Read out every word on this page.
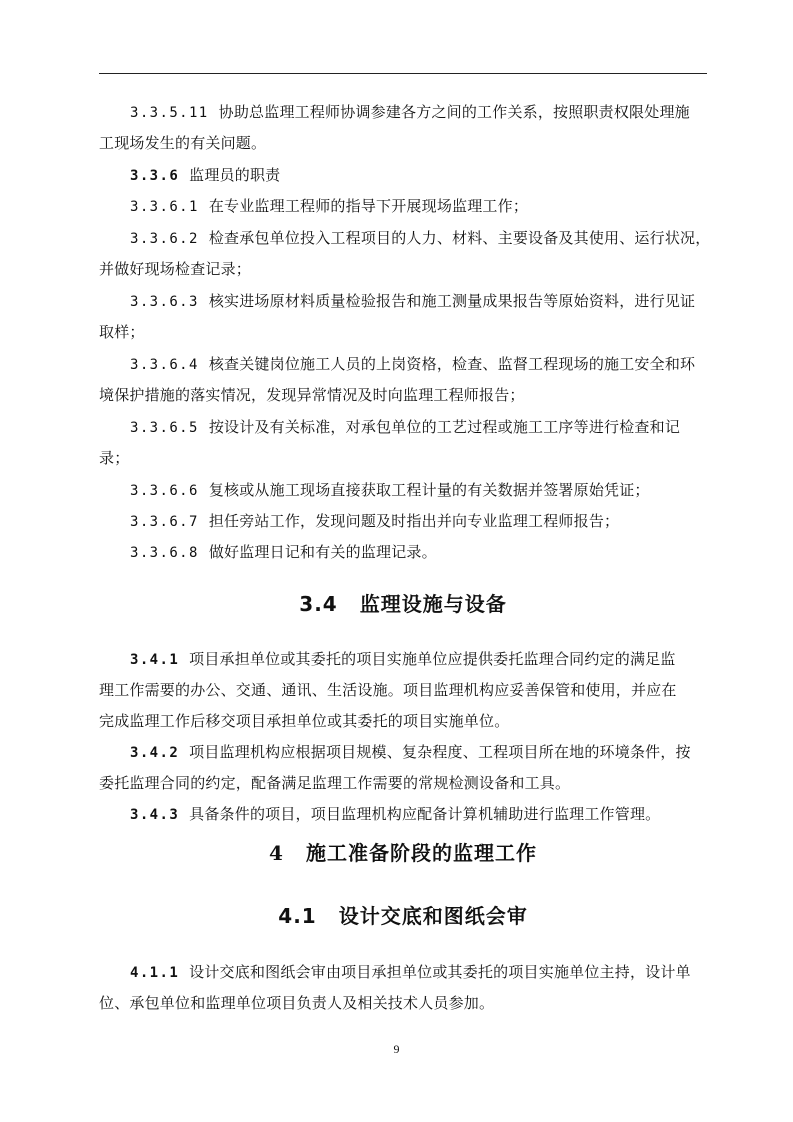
3.3.5.11 协助总监理工程师协调参建各方之间的工作关系，按照职责权限处理施
工现场发生的有关问题。
3.3.6 监理员的职责
3.3.6.1 在专业监理工程师的指导下开展现场监理工作；
3.3.6.2 检查承包单位投入工程项目的人力、材料、主要设备及其使用、运行状况，
并做好现场检查记录；
3.3.6.3 核实进场原材料质量检验报告和施工测量成果报告等原始资料，进行见证
取样；
3.3.6.4 核查关键岗位施工人员的上岗资格，检查、监督工程现场的施工安全和环
境保护措施的落实情况，发现异常情况及时向监理工程师报告；
3.3.6.5 按设计及有关标准，对承包单位的工艺过程或施工工序等进行检查和记
录；
3.3.6.6 复核或从施工现场直接获取工程计量的有关数据并签署原始凭证；
3.3.6.7 担任旁站工作，发现问题及时指出并向专业监理工程师报告；
3.3.6.8 做好监理日记和有关的监理记录。
3.4 监理设施与设备
3.4.1 项目承担单位或其委托的项目实施单位应提供委托监理合同约定的满足监
理工作需要的办公、交通、通讯、生活设施。项目监理机构应妥善保管和使用，并应在
完成监理工作后移交项目承担单位或其委托的项目实施单位。
3.4.2 项目监理机构应根据项目规模、复杂程度、工程项目所在地的环境条件，按
委托监理合同的约定，配备满足监理工作需要的常规检测设备和工具。
3.4.3 具备条件的项目，项目监理机构应配备计算机辅助进行监理工作管理。
4 施工准备阶段的监理工作
4.1 设计交底和图纸会审
4.1.1 设计交底和图纸会审由项目承担单位或其委托的项目实施单位主持，设计单
位、承包单位和监理单位项目负责人及相关技术人员参加。
9
